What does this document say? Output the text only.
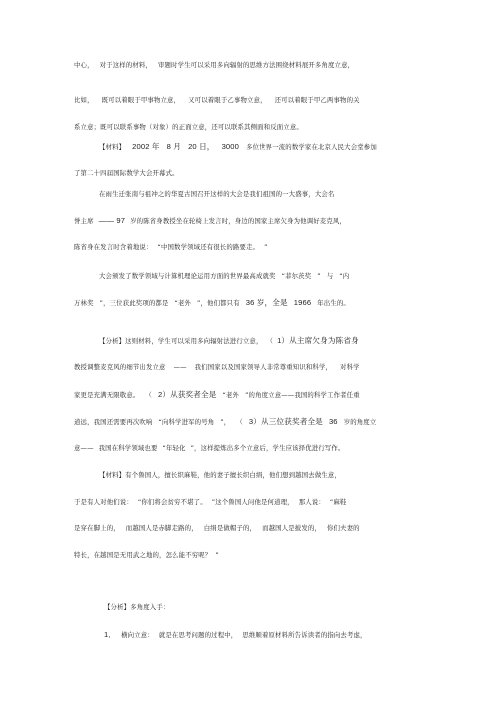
中心， 对于这样的材料， 审题时学生可以采用多向辐射的思维方法围绕材料展开多角度立意，
比如， 既可以着眼于甲事物立意， 又可以着眼于乙事物立意， 还可以着眼于甲乙两事物的关
系立意；既可以联系事物（对象）的正面立意，还可以联系其侧面和反面立意。
【材料】 2002 年 8 月 20 日， 3000 多位世界一流的数学家在北京人民大会堂参加
了第二十四届国际数学大会开幕式。
在雨生迁张南与祖冲之的华夏古国召开这样的大会是我们祖国的一大盛事，大会名
誉主席 —— 97 岁的陈省身教授坐在轮椅上发言时，身边的国家主席欠身为他调好麦克风，
陈省身在发言时含着地说： “中国数学领域还有很长的路要走。 ”
大会颁发了数学领域与计算机理论运用方面的世界最高成就奖 “菲尔茨奖 ” 与 “内
万林奖 ”，三位获此奖项的都是 “老外 ”，他们都只有 36 岁，全是 1966 年出生的。
【分析】这则材料，学生可以采用多向辐射法进行立意， （ 1）从主席欠身为陈省身
教授调整麦克风的细节出发立意 —— 我们国家以及国家领导人非常尊重知识和科学， 对科学
家更是充满无限敬意。 （ 2）从获奖者全是 “老外 ”的角度立意——我国的科学工作者任重
道远，我国还需要再次吹响 “向科学进军的号角 ”， （ 3）从三位获奖者全是 36 岁的角度立
意—— 我国在科学领域也要 “年轻化 ”，这样提炼出多个立意后，学生应该择优进行写作。
【材料】有个鲁国人，擅长织麻鞋，他的妻子擅长织白绢，他们想到越国去做生意，
于是有人对他们说： “你们将会贫穷不堪了。 ”这个鲁国人问他是何道理， 那人说： “麻鞋
是穿在脚上的， 而越国人是赤脚走路的， 白绢是做帽子的， 而越国人是披发的， 你们夫妻的
特长，在越国是无用武之地的，怎么能不穷呢？ ”
【分析】多角度入手：
1． 横向立意： 就是在思考问题的过程中， 思维顺着原材料所告诉读者的指向去考虑，
